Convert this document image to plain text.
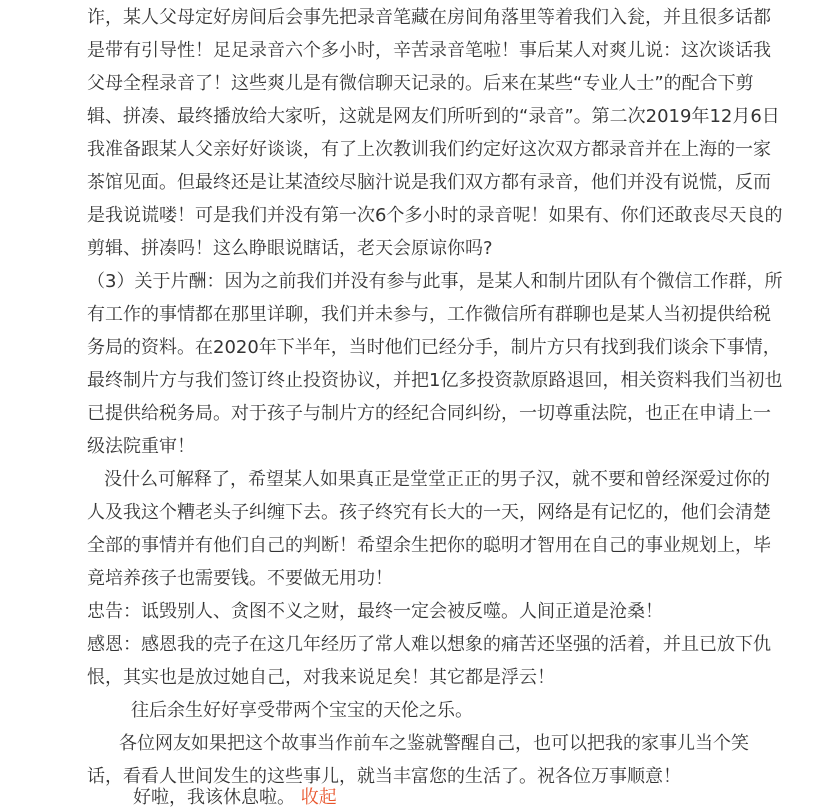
诈，某人父母定好房间后会事先把录音笔藏在房间角落里等着我们入瓮，并且很多话都
是带有引导性！足足录音六个多小时，辛苦录音笔啦！事后某人对爽儿说：这次谈话我
父母全程录音了！这些爽儿是有微信聊天记录的。后来在某些“专业人士”的配合下剪
辑、拼凑、最终播放给大家听，这就是网友们所听到的“录音”。第二次2019年12月6日
我准备跟某人父亲好好谈谈，有了上次教训我们约定好这次双方都录音并在上海的一家
茶馆见面。但最终还是让某渣绞尽脑汁说是我们双方都有录音，他们并没有说慌，反而
是我说谎喽！可是我们并没有第一次6个多小时的录音呢！如果有、你们还敢丧尽天良的
剪辑、拼凑吗！这么睁眼说瞎话，老天会原谅你吗?
（3）关于片酬：因为之前我们并没有参与此事，是某人和制片团队有个微信工作群，所
有工作的事情都在那里详聊，我们并未参与，工作微信所有群聊也是某人当初提供给税
务局的资料。在2020年下半年，当时他们已经分手，制片方只有找到我们谈余下事情，
最终制片方与我们签订终止投资协议，并把1亿多投资款原路退回，相关资料我们当初也
已提供给税务局。对于孩子与制片方的经纪合同纠纷，一切尊重法院，也正在申请上一
级法院重审！
没什么可解释了，希望某人如果真正是堂堂正正的男子汉，就不要和曾经深爱过你的
人及我这个糟老头子纠缠下去。孩子终究有长大的一天，网络是有记忆的，他们会清楚
全部的事情并有他们自己的判断！希望余生把你的聪明才智用在自己的事业规划上，毕
竟培养孩子也需要钱。不要做无用功！
忠告：诋毁别人、贪图不义之财，最终一定会被反噬。人间正道是沧桑！
感恩：感恩我的壳子在这几年经历了常人难以想象的痛苦还坚强的活着，并且已放下仇
恨，其实也是放过她自己，对我来说足矣！其它都是浮云！
往后余生好好享受带两个宝宝的天伦之乐。
各位网友如果把这个故事当作前车之鉴就警醒自己，也可以把我的家事儿当个笑
话，看看人世间发生的这些事儿，就当丰富您的生活了。祝各位万事顺意！
好啦，我该休息啦。 收起
